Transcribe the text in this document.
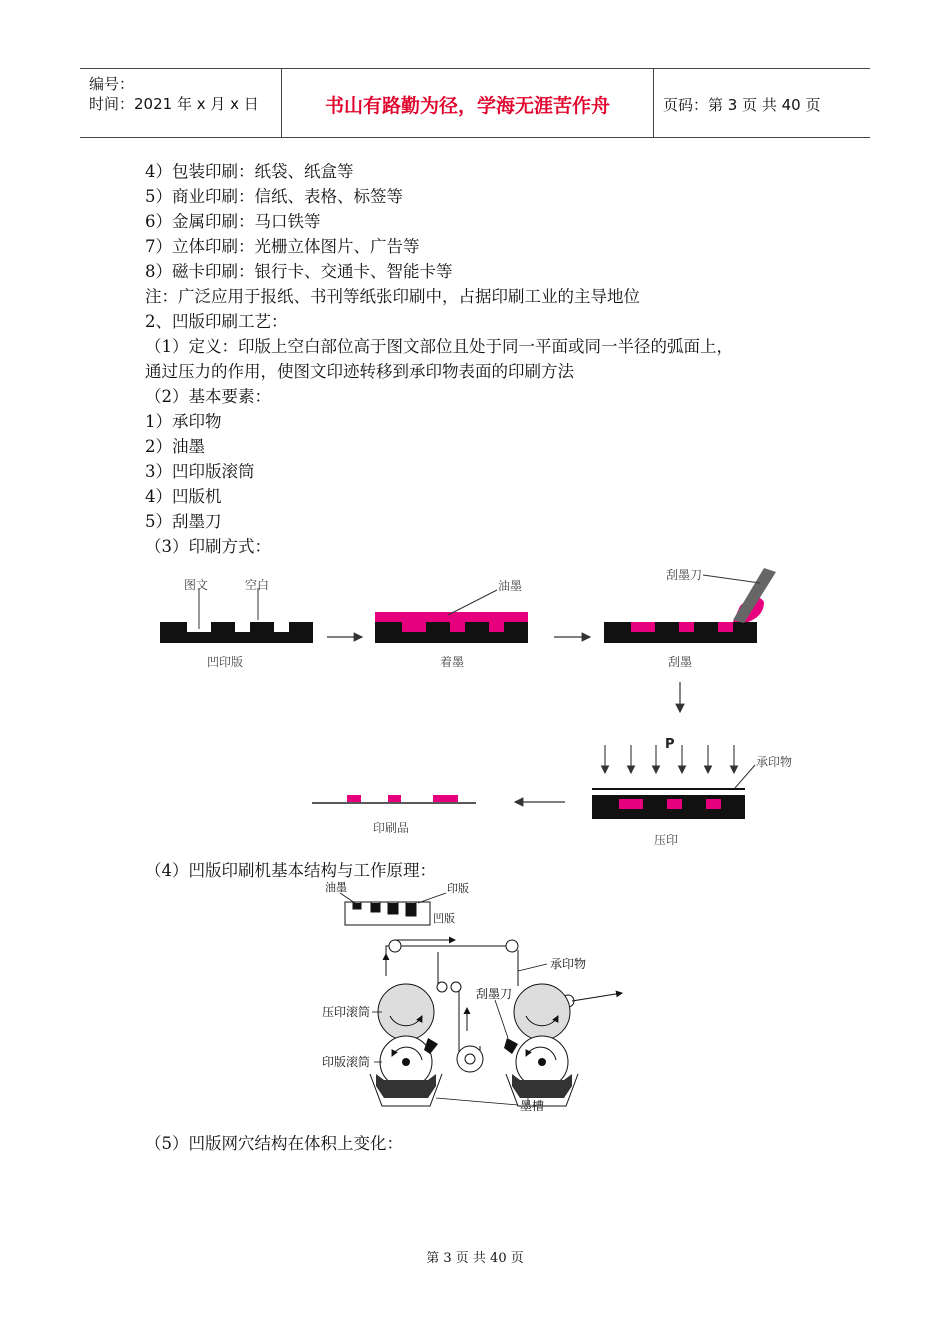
编号：
时间：2021 年 x 月 x 日	书山有路勤为径，学海无涯苦作舟	页码：第 3 页 共 40 页
4）包装印刷：纸袋、纸盒等
5）商业印刷：信纸、表格、标签等
6）金属印刷：马口铁等
7）立体印刷：光栅立体图片、广告等
8）磁卡印刷：银行卡、交通卡、智能卡等
注：广泛应用于报纸、书刊等纸张印刷中，占据印刷工业的主导地位
2、凹版印刷工艺：
（1）定义：印版上空白部位高于图文部位且处于同一平面或同一半径的弧面上，
通过压力的作用，使图文印迹转移到承印物表面的印刷方法
（2）基本要素：
1）承印物
2）油墨
3）凹印版滚筒
4）凹版机
5）刮墨刀
（3）印刷方式：
图文	空白
凹印版
油墨
着墨
刮墨刀
刮墨
P
承印物
压印
印刷品
（4）凹版印刷机基本结构与工作原理：
油墨	印版
凹版
承印物
刮墨刀
压印滚筒
印版滚筒
墨槽
（5）凹版网穴结构在体积上变化：
第 3 页 共 40 页
